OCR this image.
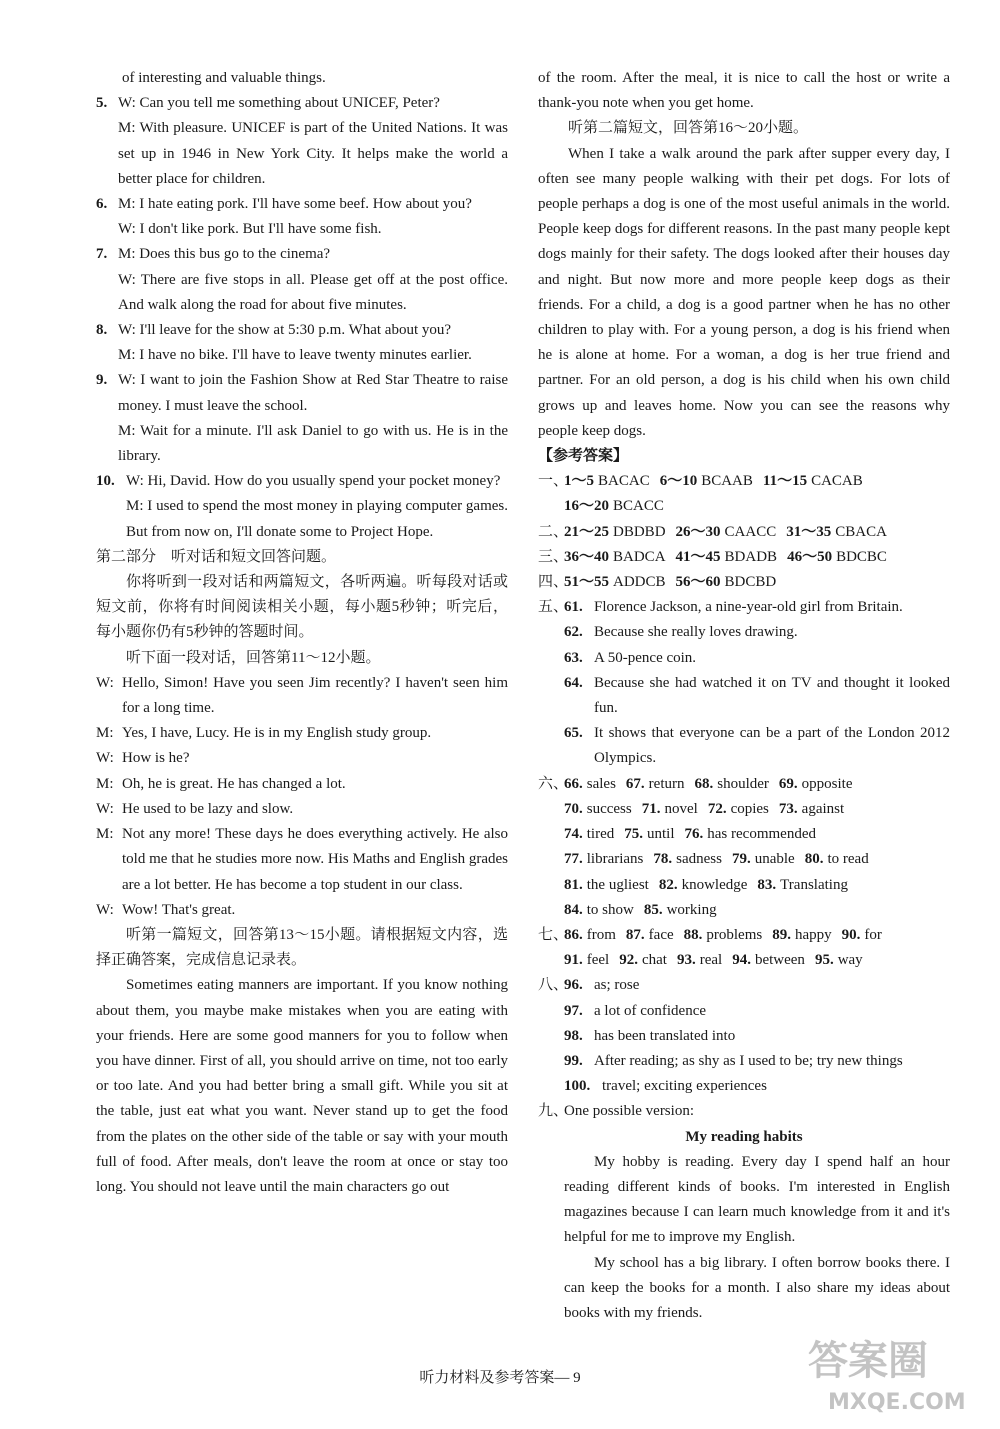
of interesting and valuable things.

5. W: Can you tell me something about UNICEF, Peter?

M: With pleasure. UNICEF is part of the United Nations. It was set up in 1946 in New York City. It helps make the world a better place for children.

6. M: I hate eating pork. I'll have some beef. How about you?

W: I don't like pork. But I'll have some fish.

7. M: Does this bus go to the cinema?

W: There are five stops in all. Please get off at the post office. And walk along the road for about five minutes.

8. W: I'll leave for the show at 5:30 p.m. What about you?

M: I have no bike. I'll have to leave twenty minutes earlier.

9. W: I want to join the Fashion Show at Red Star Theatre to raise money. I must leave the school.

M: Wait for a minute. I'll ask Daniel to go with us. He is in the library.

10. W: Hi, David. How do you usually spend your pocket money?

M: I used to spend the most money in playing computer games. But from now on, I'll donate some to Project Hope.

第二部分　听对话和短文回答问题。

你将听到一段对话和两篇短文，各听两遍。听每段对话或短文前，你将有时间阅读相关小题，每小题5秒钟；听完后，每小题你仍有5秒钟的答题时间。

听下面一段对话，回答第11～12小题。

W: Hello, Simon! Have you seen Jim recently? I haven't seen him for a long time.
M: Yes, I have, Lucy. He is in my English study group.
W: How is he?
M: Oh, he is great. He has changed a lot.
W: He used to be lazy and slow.
M: Not any more! These days he does everything actively. He also told me that he studies more now. His Maths and English grades are a lot better. He has become a top student in our class.
W: Wow! That's great.

听第一篇短文，回答第13～15小题。请根据短文内容，选择正确答案，完成信息记录表。

Sometimes eating manners are important. If you know nothing about them, you maybe make mistakes when you are eating with your friends. Here are some good manners for you to follow when you have dinner. First of all, you should arrive on time, not too early or too late. And you had better bring a small gift. While you sit at the table, just eat what you want. Never stand up to get the food from the plates on the other side of the table or say with your mouth full of food. After meals, don't leave the room at once or stay too long. You should not leave until the main characters go out

of the room. After the meal, it is nice to call the host or write a thank-you note when you get home.

听第二篇短文，回答第16～20小题。

When I take a walk around the park after supper every day, I often see many people walking with their pet dogs. For lots of people perhaps a dog is one of the most useful animals in the world. People keep dogs for different reasons. In the past many people kept dogs mainly for their safety. The dogs looked after their houses day and night. But now more and more people keep dogs as their friends. For a child, a dog is a good partner when he has no other children to play with. For a young person, a dog is his friend when he is alone at home. For a woman, a dog is her true friend and partner. For an old person, a dog is his child when his own child grows up and leaves home. Now you can see the reasons why people keep dogs.

【参考答案】

一、
1～5 BACAC 6～10 BCAAB 11～15 CACAB
16～20 BCACC
二、
21～25 DBDBD 26～30 CAACC 31～35 CBACA
三、
36～40 BADCA 41～45 BDADB 46～50 BDCBC
四、
51～55 ADDCB 56～60 BDCBD
五、
61. Florence Jackson, a nine-year-old girl from Britain.
62. Because she really loves drawing.
63. A 50-pence coin.
64. Because she had watched it on TV and thought it looked fun.
65. It shows that everyone can be a part of the London 2012 Olympics.
六、
66. sales 67. return 68. shoulder 69. opposite
70. success 71. novel 72. copies 73. against
74. tired 75. until 76. has recommended
77. librarians 78. sadness 79. unable 80. to read
81. the ugliest 82. knowledge 83. Translating
84. to show 85. working
七、
86. from 87. face 88. problems 89. happy 90. for
91. feel 92. chat 93. real 94. between 95. way
八、
96. as; rose
97. a lot of confidence
98. has been translated into
99. After reading; as shy as I used to be; try new things
100. travel; exciting experiences
九、
One possible version:

My reading habits

My hobby is reading. Every day I spend half an hour reading different kinds of books. I'm interested in English magazines because I can learn much knowledge from it and it's helpful for me to improve my English.

My school has a big library. I often borrow books there. I can keep the books for a month. I also share my ideas about books with my friends.

听力材料及参考答案— 9	答案圈
MXQE.COM
